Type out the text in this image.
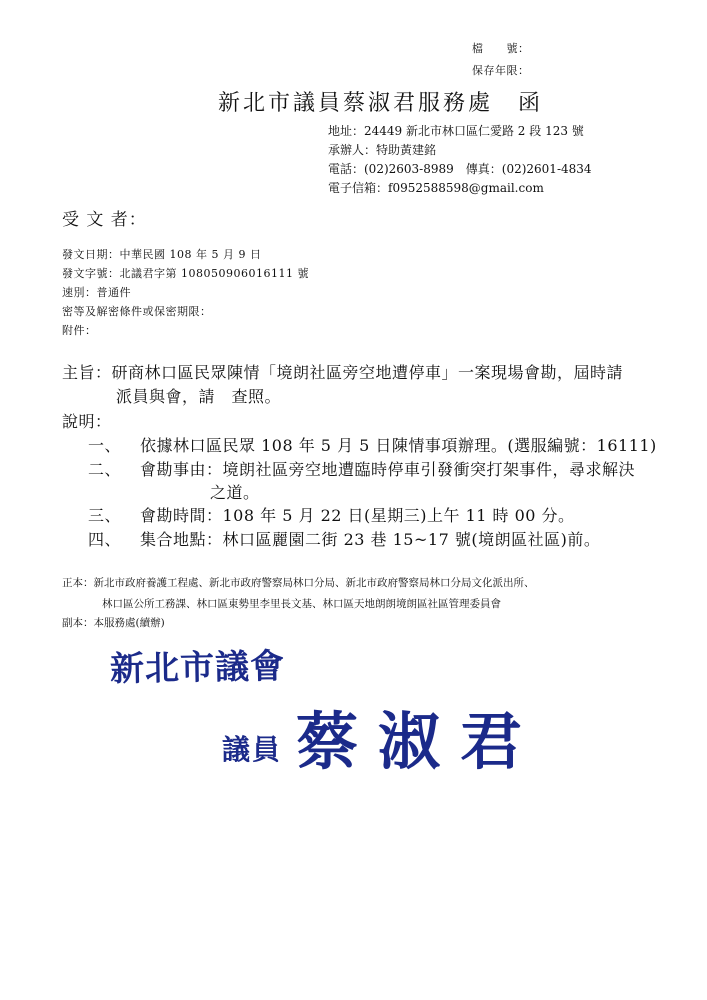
檔　　號：
保存年限：
新北市議員蔡淑君服務處　函
地址：24449 新北市林口區仁愛路 2 段 123 號
承辦人：特助黃建銘
電話：(02)2603-8989　傳真：(02)2601-4834
電子信箱：f0952588598@gmail.com
受 文 者：
發文日期：中華民國 108 年 5 月 9 日
發文字號：北議君字第 108050906016111 號
速別：普通件
密等及解密條件或保密期限：
附件：
主旨：研商林口區民眾陳情「境朗社區旁空地遭停車」一案現場會勘，屆時請
派員與會，請　查照。
說明：
一、 依據林口區民眾 108 年 5 月 5 日陳情事項辦理。(選服編號：16111)
二、 會勘事由：境朗社區旁空地遭臨時停車引發衝突打架事件，尋求解決
之道。
三、 會勘時間：108 年 5 月 22 日(星期三)上午 11 時 00 分。
四、 集合地點：林口區麗園二街 23 巷 15~17 號(境朗區社區)前。
正本：新北市政府養護工程處、新北市政府警察局林口分局、新北市政府警察局林口分局文化派出所、
林口區公所工務課、林口區東勢里李里長文基、林口區天地朗朗境朗區社區管理委員會
副本：本服務處(續辦)
新北市議會
議員 蔡淑君
